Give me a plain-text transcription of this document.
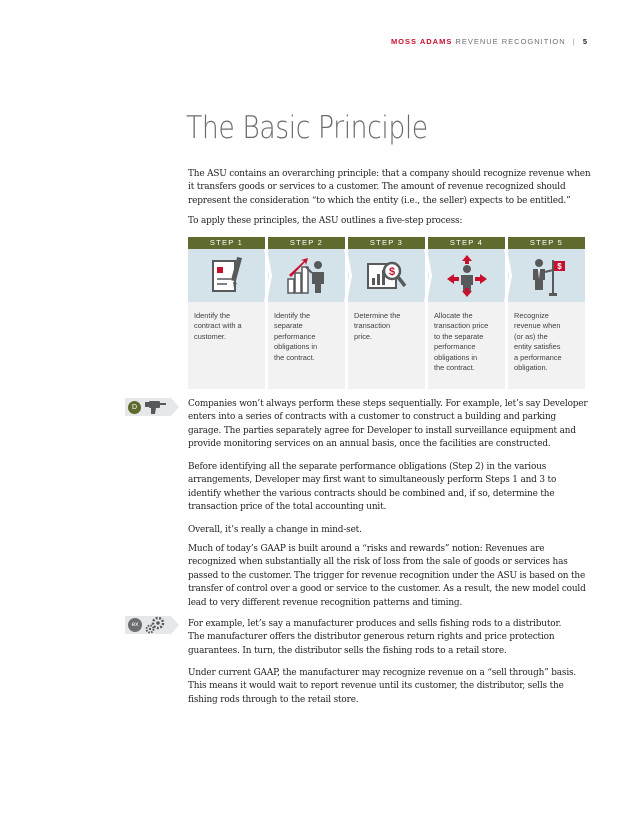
MOSS ADAMS REVENUE RECOGNITION | 5
The Basic Principle
The ASU contains an overarching principle: that a company should recognize revenue when
it transfers goods or services to a customer. The amount of revenue recognized should
represent the consideration “to which the entity (i.e., the seller) expects to be entitled.”
To apply these principles, the ASU outlines a five-step process:
STEP 1
Identify the
contract with a
customer.
STEP 2
Identify the
separate
performance
obligations in
the contract.
STEP 3
$
Determine the
transaction
price.
STEP 4
Allocate the
transaction price
to the separate
performance
obligations in
the contract.
STEP 5
$
Recognize
revenue when
(or as) the
entity satisfies
a performance
obligation.
D
ex
Companies won’t always perform these steps sequentially. For example, let’s say Developer
enters into a series of contracts with a customer to construct a building and parking
garage. The parties separately agree for Developer to install surveillance equipment and
provide monitoring services on an annual basis, once the facilities are constructed.
Before identifying all the separate performance obligations (Step 2) in the various
arrangements, Developer may first want to simultaneously perform Steps 1 and 3 to
identify whether the various contracts should be combined and, if so, determine the
transaction price of the total accounting unit.
Overall, it’s really a change in mind-set.
Much of today’s GAAP is built around a “risks and rewards” notion: Revenues are
recognized when substantially all the risk of loss from the sale of goods or services has
passed to the customer. The trigger for revenue recognition under the ASU is based on the
transfer of control over a good or service to the customer. As a result, the new model could
lead to very different revenue recognition patterns and timing.
For example, let’s say a manufacturer produces and sells fishing rods to a distributor.
The manufacturer offers the distributor generous return rights and price protection
guarantees. In turn, the distributor sells the fishing rods to a retail store.
Under current GAAP, the manufacturer may recognize revenue on a “sell through” basis.
This means it would wait to report revenue until its customer, the distributor, sells the
fishing rods through to the retail store.
